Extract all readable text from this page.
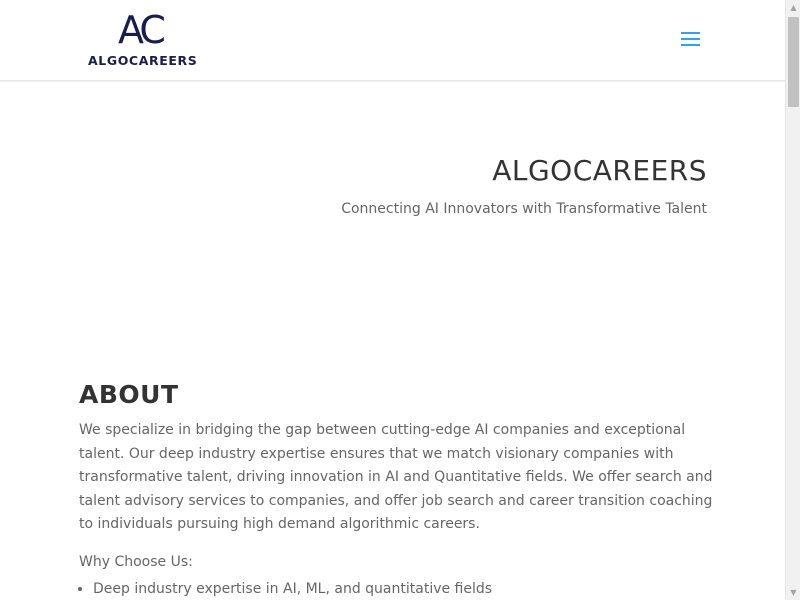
AC
ALGOCAREERS
ALGOCAREERS
Connecting AI Innovators with Transformative Talent
ABOUT
We specialize in bridging the gap between cutting-edge AI companies and exceptional talent. Our deep industry expertise ensures that we match visionary companies with transformative talent, driving innovation in AI and Quantitative fields. We offer search and talent advisory services to companies, and offer job search and career transition coaching to individuals pursuing high demand algorithmic careers.
Why Choose Us:
• Deep industry expertise in AI, ML, and quantitative fields
▲
▼
